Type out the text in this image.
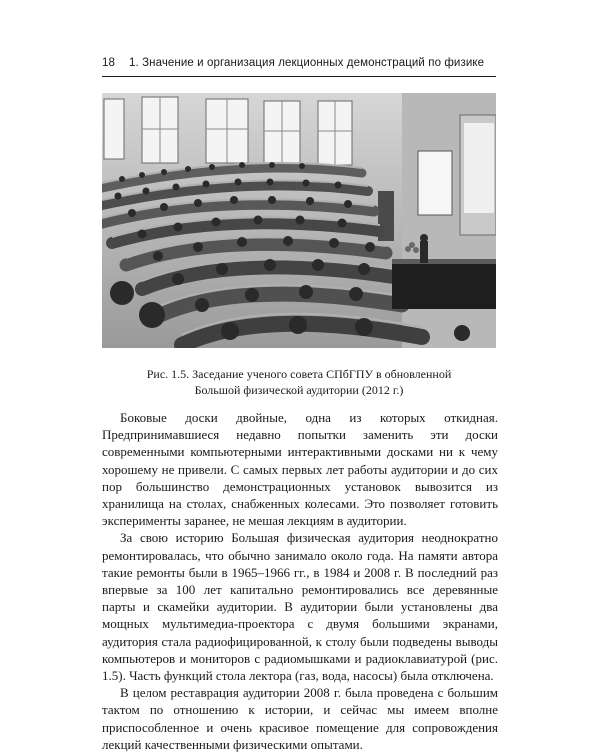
18 1. Значение и организация лекционных демонстраций по физике
Рис. 1.5. Заседание ученого совета СПбГПУ в обновленной
Большой физической аудитории (2012 г.)

Боковые доски двойные, одна из которых откидная. Предпринимавшиеся недавно попытки заменить эти доски современными компьютерными интерактивными досками ни к чему хорошему не привели. С самых первых лет работы аудитории и до сих пор большинство демонстрационных установок вывозится из хранилища на столах, снабженных колесами. Это позволяет готовить эксперименты заранее, не мешая лекциям в аудитории.

За свою историю Большая физическая аудитория неоднократно ремонтировалась, что обычно занимало около года. На памяти автора такие ремонты были в 1965–1966 гг., в 1984 и 2008 г. В последний раз впервые за 100 лет капитально ремонтировались все деревянные парты и скамейки аудитории. В аудитории были установлены два мощных мультимедиа-проектора с двумя большими экранами, аудитория стала радиофицированной, к столу были подведены выводы компьютеров и мониторов с радиомышками и радиоклавиатурой (рис. 1.5). Часть функций стола лектора (газ, вода, насосы) была отключена.

В целом реставрация аудитории 2008 г. была проведена с большим тактом по отношению к истории, и сейчас мы имеем вполне приспособленное и очень красивое помещение для сопровождения лекций качественными физическими опытами.
